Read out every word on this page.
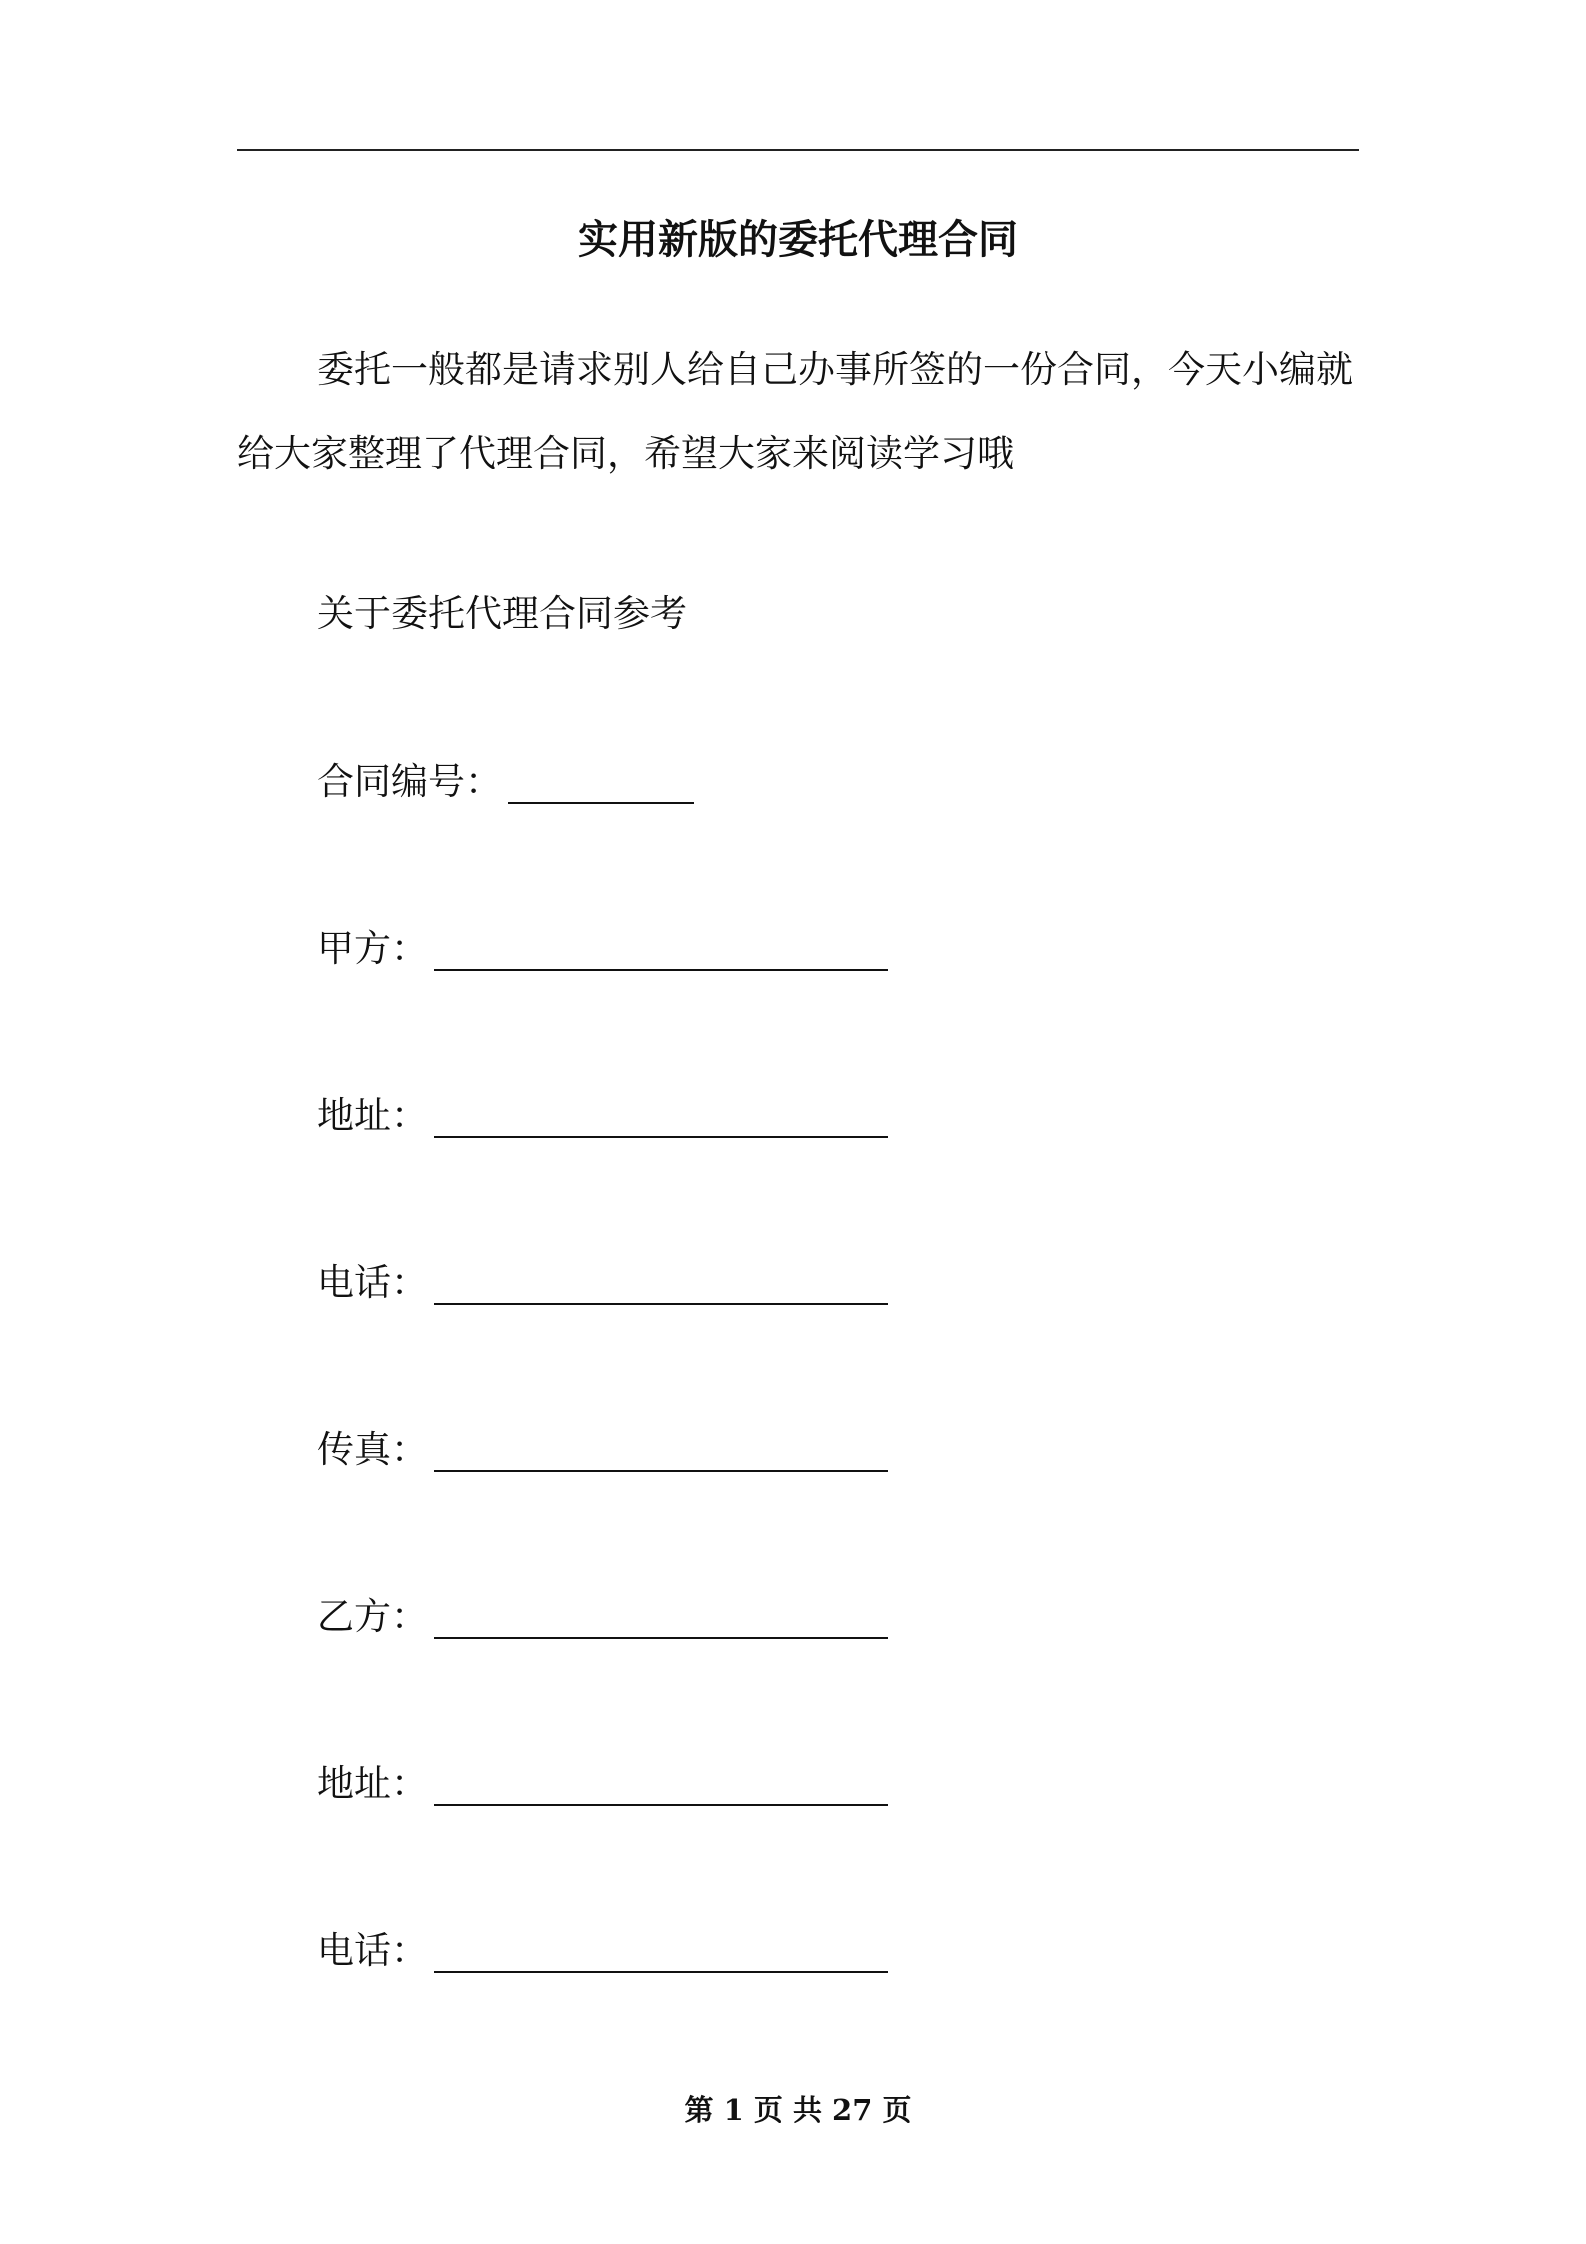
实用新版的委托代理合同

委托一般都是请求别人给自己办事所签的一份合同，今天小编就
给大家整理了代理合同，希望大家来阅读学习哦

关于委托代理合同参考
合同编号：
甲方：
地址：
电话：
传真：
乙方：
地址：
电话：
第 1 页 共 27 页
